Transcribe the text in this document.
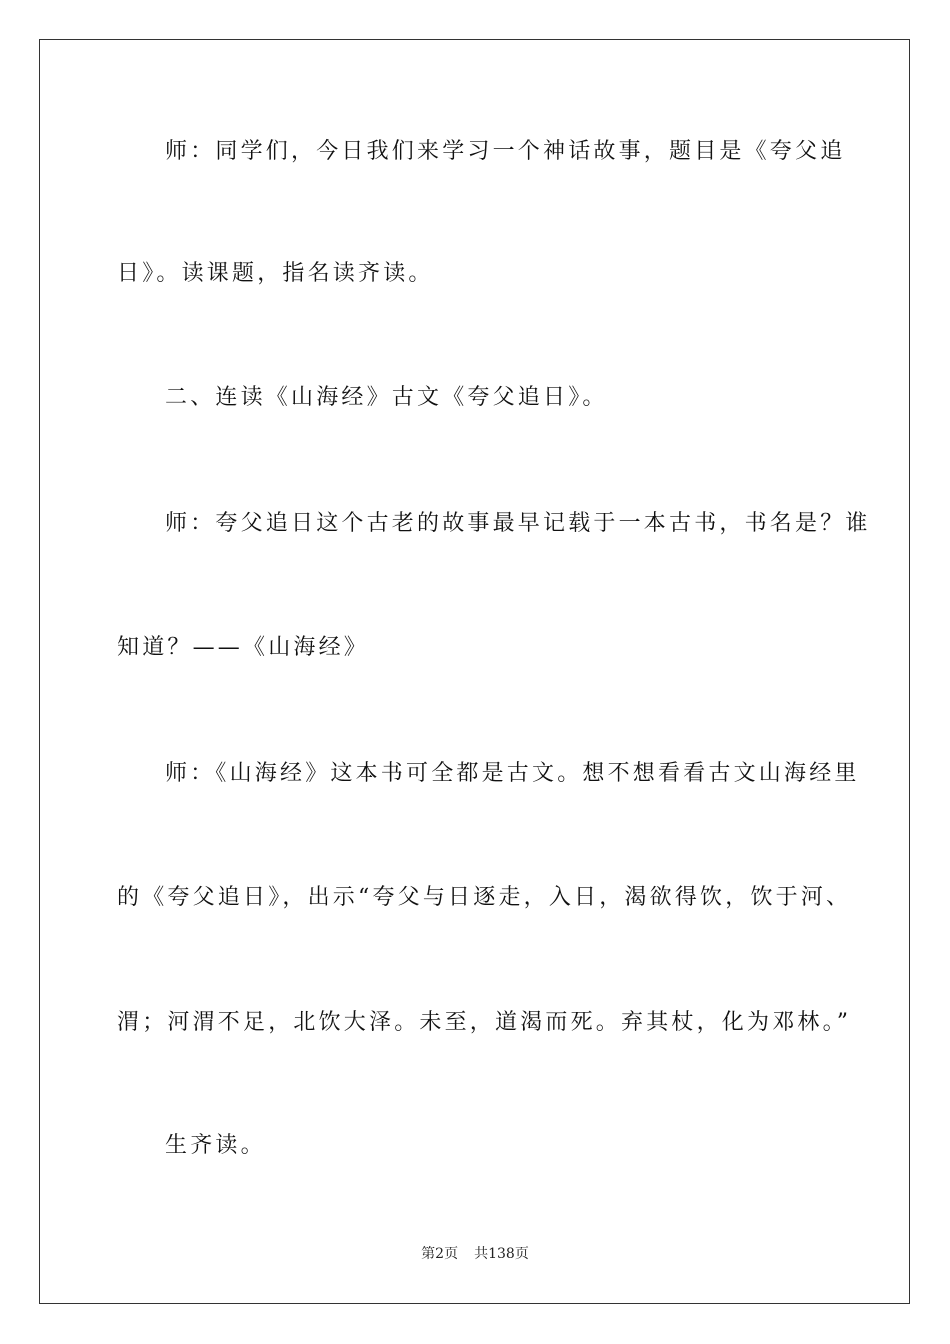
师：同学们，今日我们来学习一个神话故事，题目是《夸父追
日》。读课题，指名读齐读。
二、连读《山海经》古文《夸父追日》。
师：夸父追日这个古老的故事最早记载于一本古书，书名是？谁
知道？——《山海经》
师：《山海经》这本书可全都是古文。想不想看看古文山海经里
的《夸父追日》，出示“夸父与日逐走，入日，渴欲得饮，饮于河、
渭；河渭不足，北饮大泽。未至，道渴而死。弃其杖，化为邓林。”
生齐读。
第2页 共138页
